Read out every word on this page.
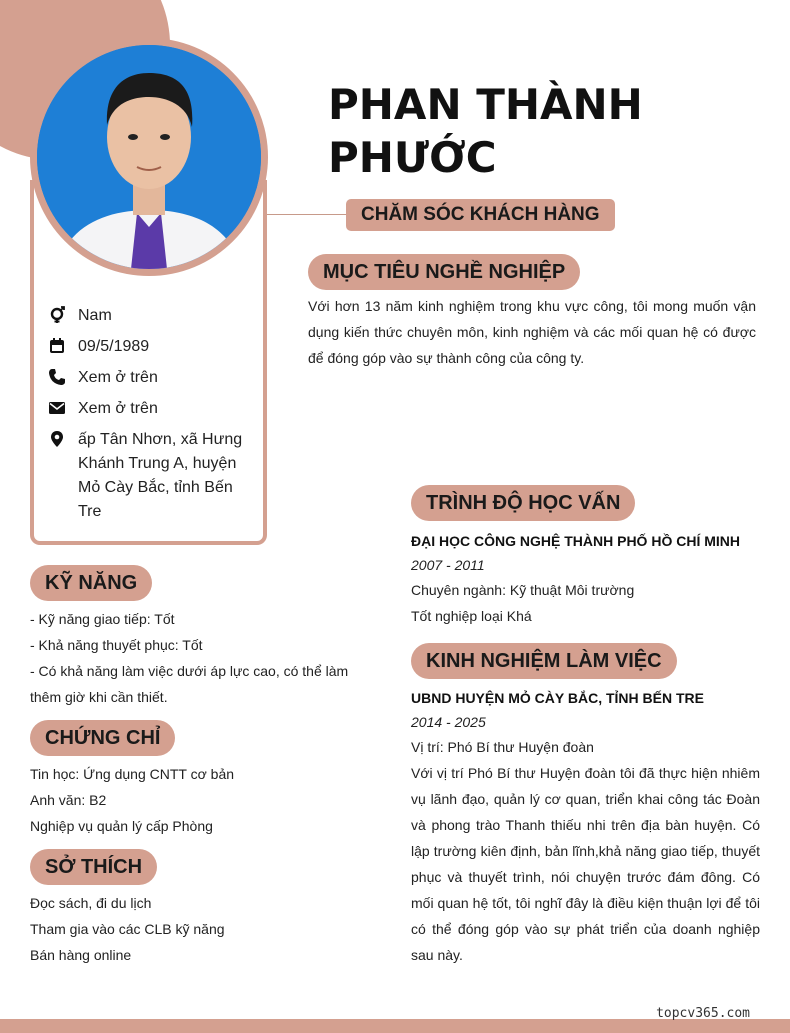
PHAN THÀNH PHƯỚC
CHĂM SÓC KHÁCH HÀNG
Nam
09/5/1989
Xem ở trên
Xem ở trên
ấp Tân Nhơn, xã Hưng Khánh Trung A, huyện Mỏ Cày Bắc, tỉnh Bến Tre
MỤC TIÊU NGHỀ NGHIỆP
Với hơn 13 năm kinh nghiệm trong khu vực công, tôi mong muốn vận dụng kiến thức chuyên môn, kinh nghiệm và các mối quan hệ có được để đóng góp vào sự thành công của công ty.
KỸ NĂNG
- Kỹ năng giao tiếp: Tốt
- Khả năng thuyết phục: Tốt
- Có khả năng làm việc dưới áp lực cao, có thể làm thêm giờ khi cần thiết.
CHỨNG CHỈ
Tin học: Ứng dụng CNTT cơ bản
Anh văn: B2
Nghiệp vụ quản lý cấp Phòng
SỞ THÍCH
Đọc sách, đi du lịch
Tham gia vào các CLB kỹ năng
Bán hàng online
TRÌNH ĐỘ HỌC VẤN
ĐẠI HỌC CÔNG NGHỆ THÀNH PHỐ HỒ CHÍ MINH
2007 - 2011
Chuyên ngành: Kỹ thuật Môi trường
Tốt nghiệp loại Khá
KINH NGHIỆM LÀM VIỆC
UBND HUYỆN MỎ CÀY BẮC, TỈNH BẾN TRE
2014 - 2025
Vị trí: Phó Bí thư Huyện đoàn
Với vị trí Phó Bí thư Huyện đoàn tôi đã thực hiện nhiêm vụ lãnh đạo, quản lý cơ quan, triển khai công tác Đoàn và phong trào Thanh thiếu nhi trên địa bàn huyện. Có lập trường kiên định, bản lĩnh,khả năng giao tiếp, thuyết phục và thuyết trình, nói chuyện trước đám đông. Có mối quan hệ tốt, tôi nghĩ đây là điều kiện thuận lợi để tôi có thể đóng góp vào sự phát triển của doanh nghiệp sau này.
topcv365.com
